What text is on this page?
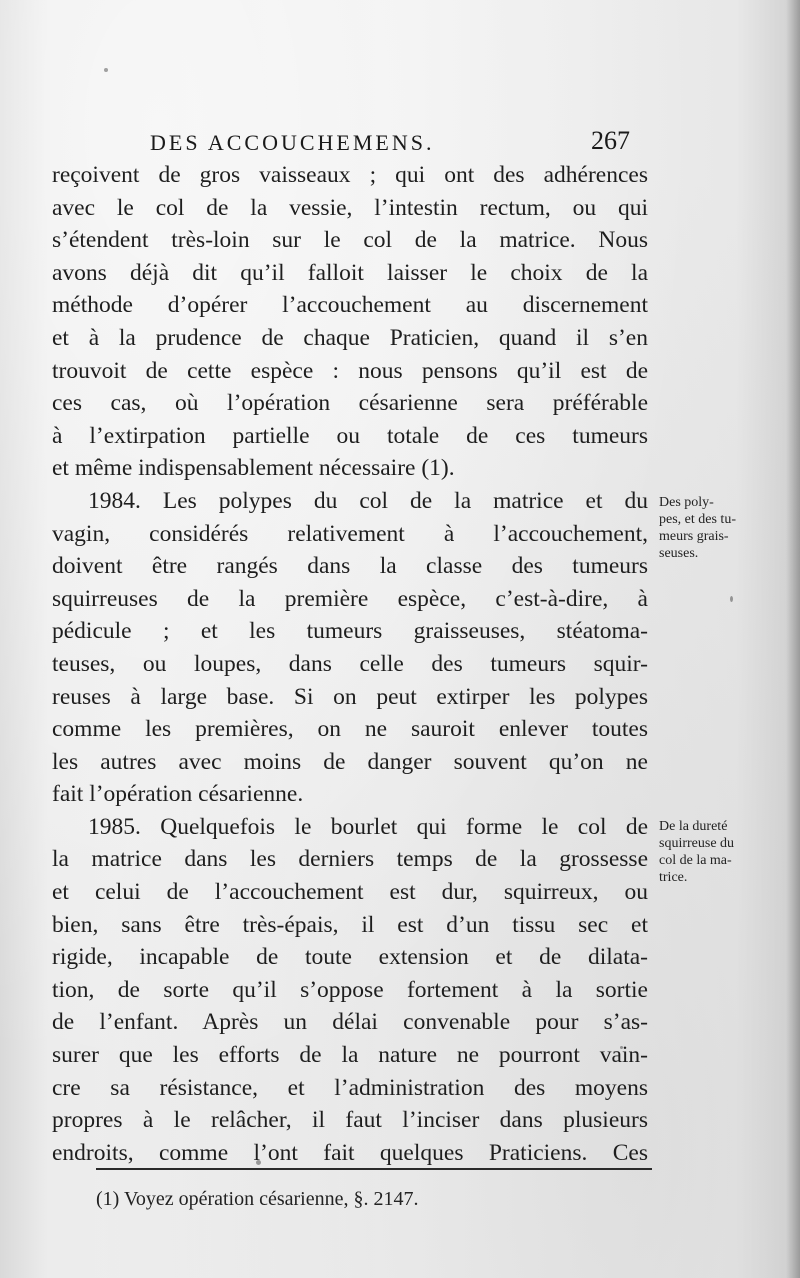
DES ACCOUCHEMENS.	267
reçoivent de gros vaisseaux ; qui ont des adhérences
avec le col de la vessie, l’intestin rectum, ou qui
s’étendent très-loin sur le col de la matrice. Nous
avons déjà dit qu’il falloit laisser le choix de la
méthode d’opérer l’accouchement au discernement
et à la prudence de chaque Praticien, quand il s’en
trouvoit de cette espèce : nous pensons qu’il est de
ces cas, où l’opération césarienne sera préférable
à l’extirpation partielle ou totale de ces tumeurs
et même indispensablement nécessaire (1).
1984. Les polypes du col de la matrice et du
vagin, considérés relativement à l’accouchement,
doivent être rangés dans la classe des tumeurs
squirreuses de la première espèce, c’est-à-dire, à
pédicule ; et les tumeurs graisseuses, stéatoma-
teuses, ou loupes, dans celle des tumeurs squir-
reuses à large base. Si on peut extirper les polypes
comme les premières, on ne sauroit enlever toutes
les autres avec moins de danger souvent qu’on ne
fait l’opération césarienne.
1985. Quelquefois le bourlet qui forme le col de
la matrice dans les derniers temps de la grossesse
et celui de l’accouchement est dur, squirreux, ou
bien, sans être très-épais, il est d’un tissu sec et
rigide, incapable de toute extension et de dilata-
tion, de sorte qu’il s’oppose fortement à la sortie
de l’enfant. Après un délai convenable pour s’as-
surer que les efforts de la nature ne pourront vain-
cre sa résistance, et l’administration des moyens
propres à le relâcher, il faut l’inciser dans plusieurs
endroits, comme l’ont fait quelques Praticiens. Ces
Des poly-
pes, et des tu-
meurs grais-
seuses.
De la dureté
squirreuse du
col de la ma-
trice.
(1) Voyez opération césarienne, §. 2147.
